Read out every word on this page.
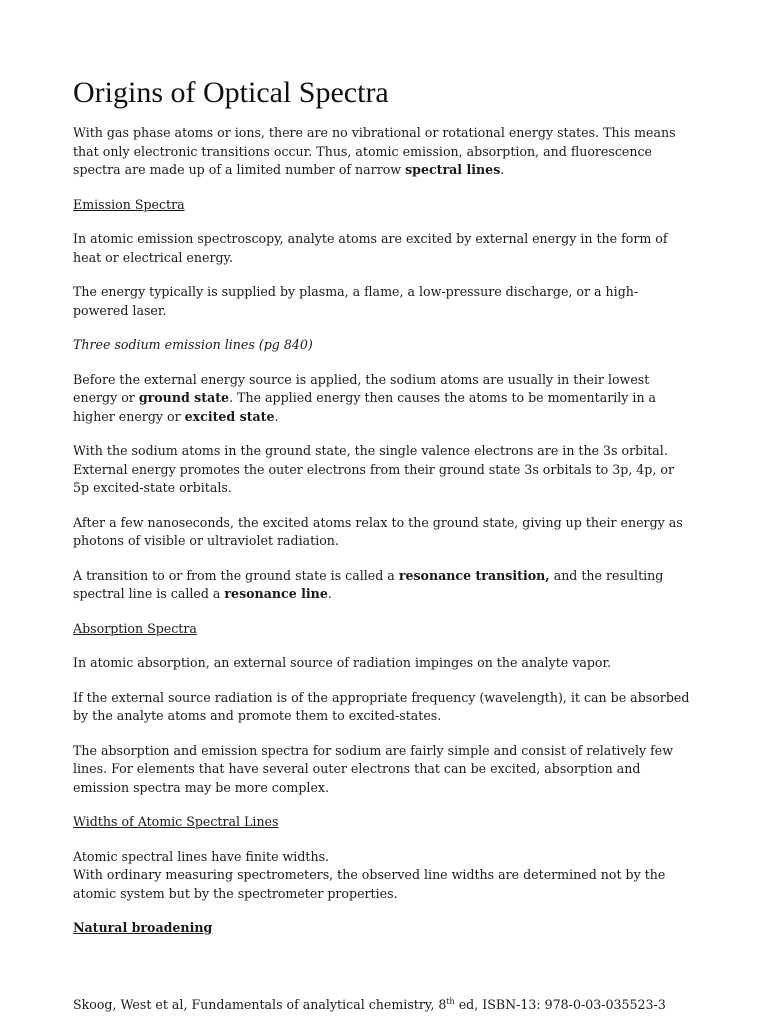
Origins of Optical Spectra

With gas phase atoms or ions, there are no vibrational or rotational energy states. This means that only electronic transitions occur. Thus, atomic emission, absorption, and fluorescence spectra are made up of a limited number of narrow spectral lines.

Emission Spectra

In atomic emission spectroscopy, analyte atoms are excited by external energy in the form of heat or electrical energy.

The energy typically is supplied by plasma, a flame, a low-pressure discharge, or a high-powered laser.

Three sodium emission lines (pg 840)

Before the external energy source is applied, the sodium atoms are usually in their lowest energy or ground state. The applied energy then causes the atoms to be momentarily in a higher energy or excited state.

With the sodium atoms in the ground state, the single valence electrons are in the 3s orbital. External energy promotes the outer electrons from their ground state 3s orbitals to 3p, 4p, or 5p excited-state orbitals.

After a few nanoseconds, the excited atoms relax to the ground state, giving up their energy as photons of visible or ultraviolet radiation.

A transition to or from the ground state is called a resonance transition, and the resulting spectral line is called a resonance line.

Absorption Spectra

In atomic absorption, an external source of radiation impinges on the analyte vapor.

If the external source radiation is of the appropriate frequency (wavelength), it can be absorbed by the analyte atoms and promote them to excited-states.

The absorption and emission spectra for sodium are fairly simple and consist of relatively few lines. For elements that have several outer electrons that can be excited, absorption and emission spectra may be more complex.

Widths of Atomic Spectral Lines

Atomic spectral lines have finite widths.
With ordinary measuring spectrometers, the observed line widths are determined not by the atomic system but by the spectrometer properties.

Natural broadening

Skoog, West et al, Fundamentals of analytical chemistry, 8th ed, ISBN-13: 978-0-03-035523-3
